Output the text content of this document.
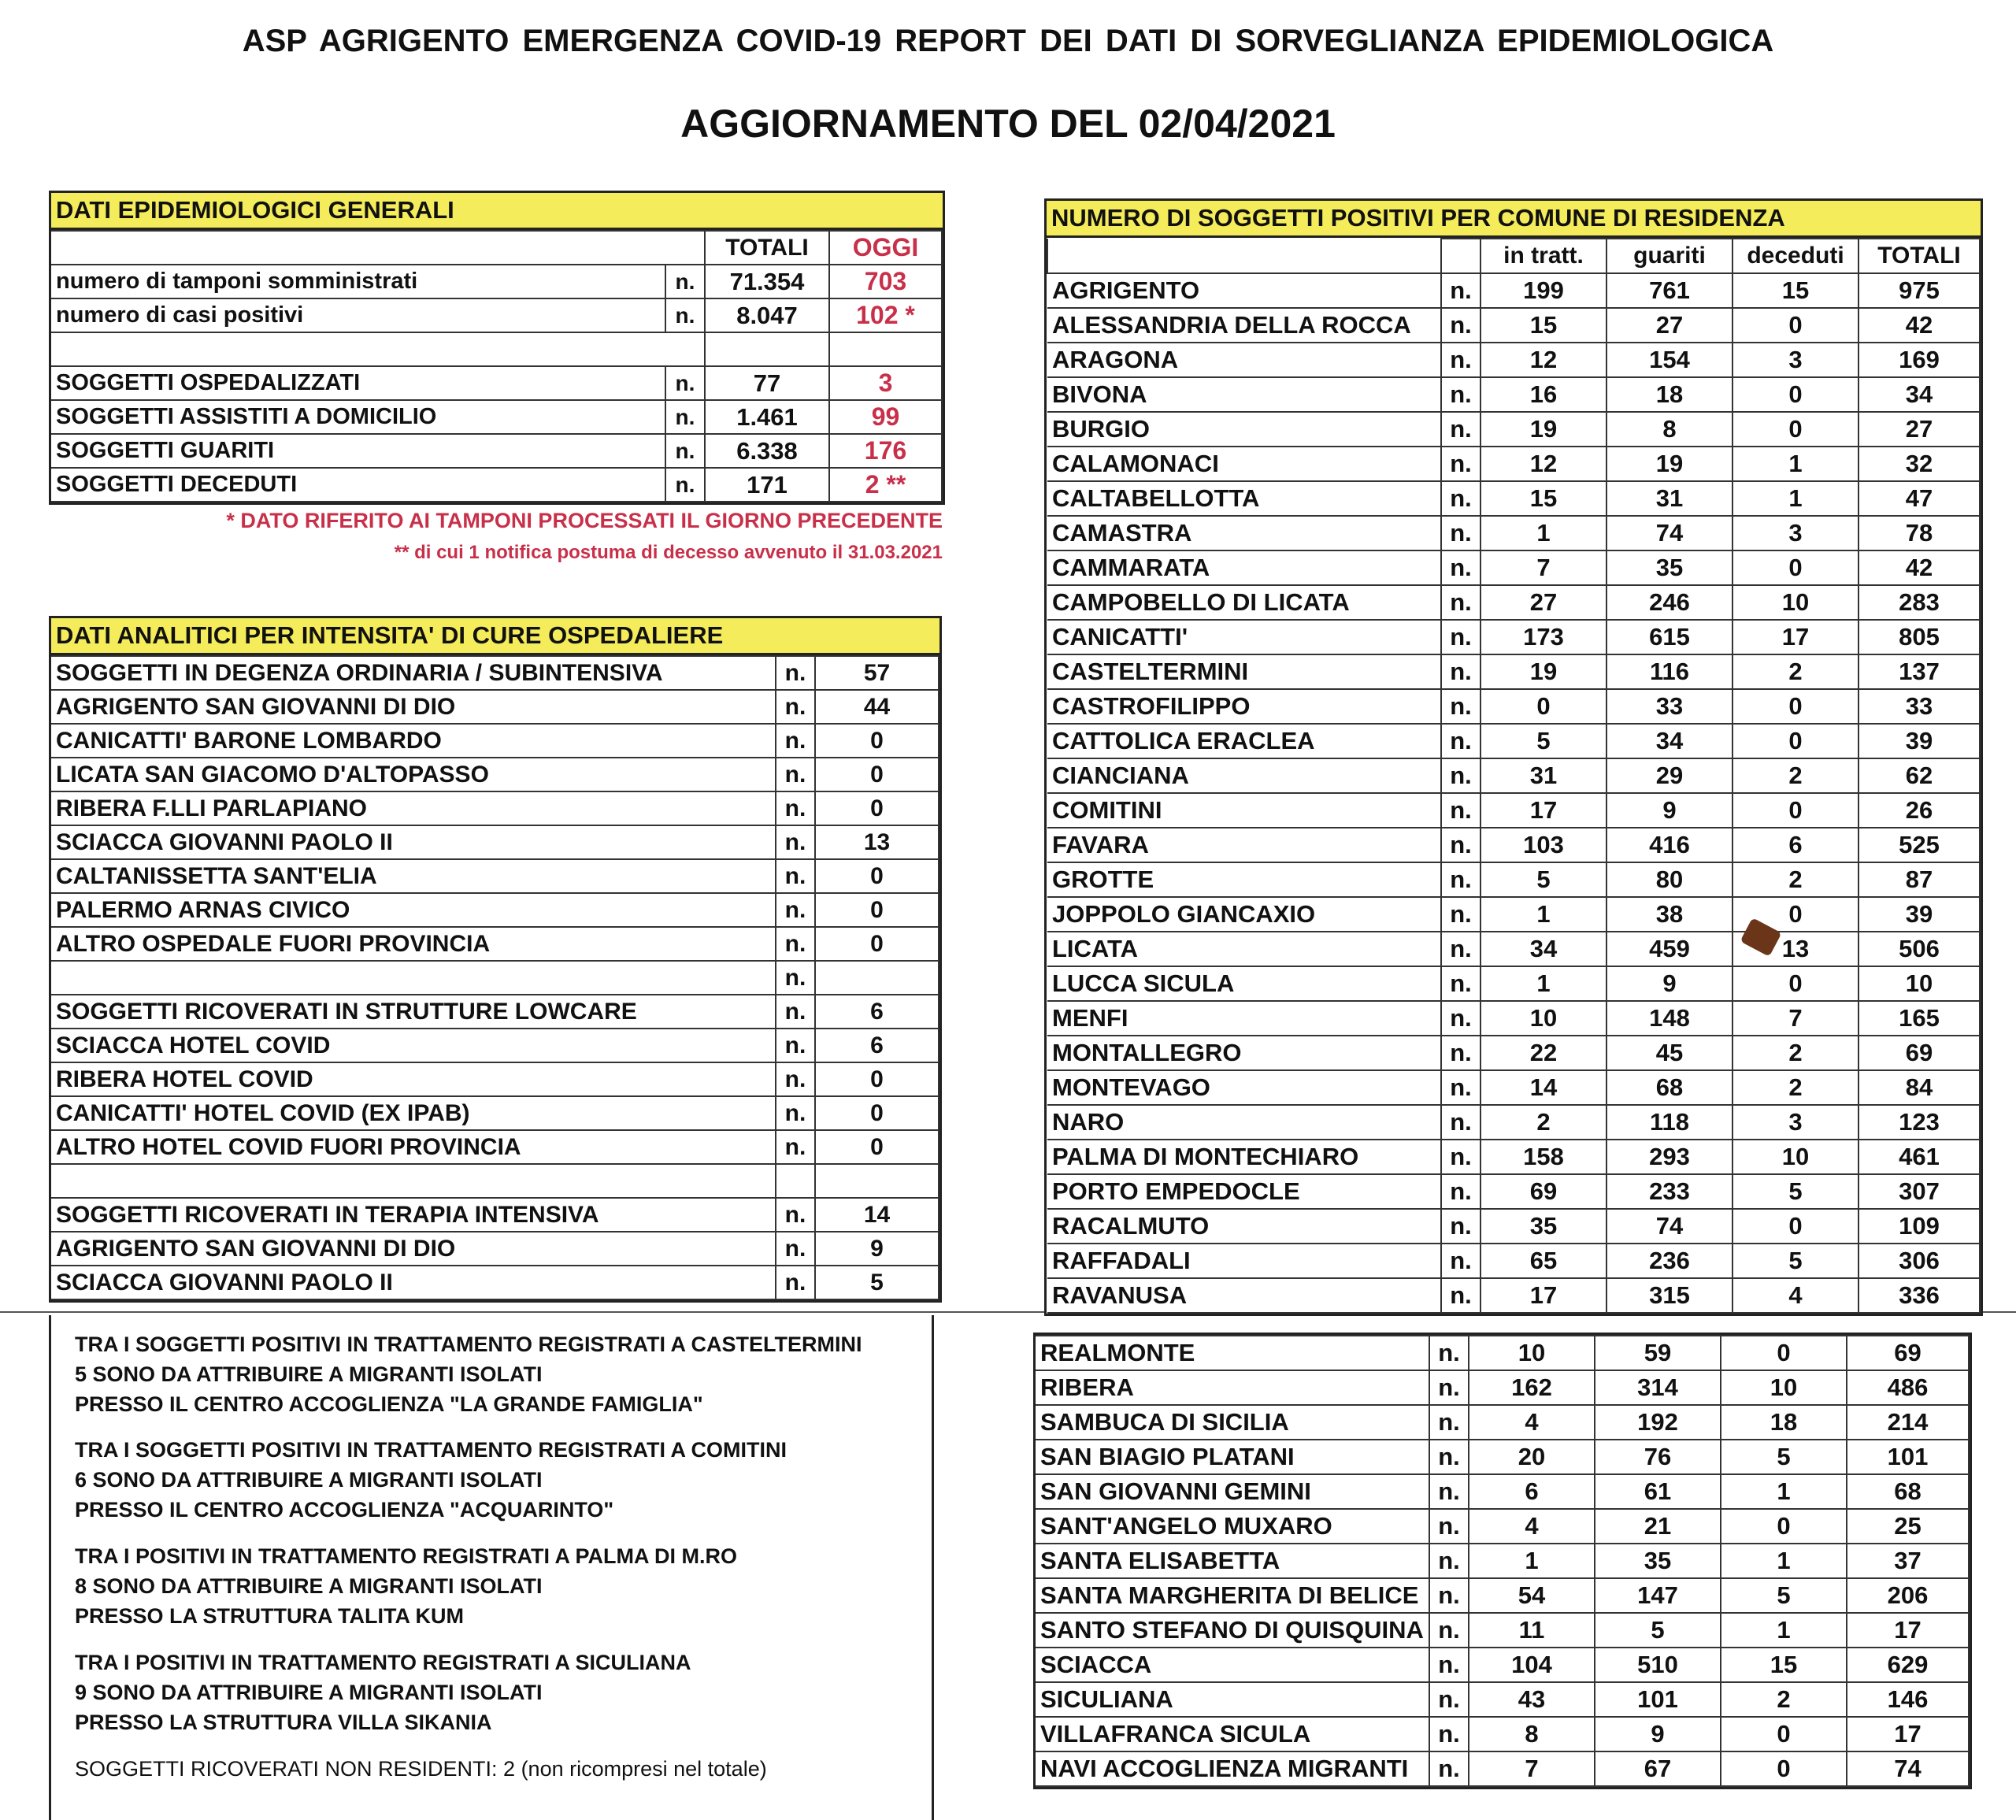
ASP AGRIGENTO EMERGENZA COVID-19 REPORT DEI DATI DI SORVEGLIANZA EPIDEMIOLOGICA
AGGIORNAMENTO DEL 02/04/2021
DATI EPIDEMIOLOGICI GENERALI
		TOTALI	OGGI
numero di tamponi somministrati	n.	71.354	703
numero di casi positivi	n.	8.047	102 *

SOGGETTI OSPEDALIZZATI	n.	77	3
SOGGETTI ASSISTITI A DOMICILIO	n.	1.461	99
SOGGETTI GUARITI	n.	6.338	176
SOGGETTI DECEDUTI	n.	171	2 **
* DATO RIFERITO AI TAMPONI PROCESSATI IL GIORNO PRECEDENTE
** di cui 1 notifica postuma di decesso avvenuto il 31.03.2021
DATI ANALITICI PER INTENSITA' DI CURE OSPEDALIERE
SOGGETTI IN DEGENZA ORDINARIA / SUBINTENSIVA	n.	57
AGRIGENTO SAN GIOVANNI DI DIO	n.	44
CANICATTI' BARONE LOMBARDO	n.	0
LICATA SAN GIACOMO D'ALTOPASSO	n.	0
RIBERA F.LLI PARLAPIANO	n.	0
SCIACCA GIOVANNI PAOLO II	n.	13
CALTANISSETTA SANT'ELIA	n.	0
PALERMO ARNAS CIVICO	n.	0
ALTRO OSPEDALE FUORI PROVINCIA	n.	0
	n.	
SOGGETTI RICOVERATI IN STRUTTURE LOWCARE	n.	6
SCIACCA HOTEL COVID	n.	6
RIBERA HOTEL COVID	n.	0
CANICATTI' HOTEL COVID (EX IPAB)	n.	0
ALTRO HOTEL COVID FUORI PROVINCIA	n.	0

SOGGETTI RICOVERATI IN TERAPIA INTENSIVA	n.	14
AGRIGENTO SAN GIOVANNI DI DIO	n.	9
SCIACCA GIOVANNI PAOLO II	n.	5
TRA I SOGGETTI POSITIVI IN TRATTAMENTO REGISTRATI A CASTELTERMINI
5 SONO DA ATTRIBUIRE A MIGRANTI ISOLATI
PRESSO IL CENTRO ACCOGLIENZA "LA GRANDE FAMIGLIA"
TRA I SOGGETTI POSITIVI IN TRATTAMENTO REGISTRATI A COMITINI
6 SONO DA ATTRIBUIRE A MIGRANTI ISOLATI
PRESSO IL CENTRO ACCOGLIENZA "ACQUARINTO"
TRA I POSITIVI IN TRATTAMENTO REGISTRATI A PALMA DI M.RO
8 SONO DA ATTRIBUIRE A MIGRANTI ISOLATI
PRESSO LA STRUTTURA TALITA KUM
TRA I POSITIVI IN TRATTAMENTO REGISTRATI A SICULIANA
9 SONO DA ATTRIBUIRE A MIGRANTI ISOLATI
PRESSO LA STRUTTURA VILLA SIKANIA
SOGGETTI RICOVERATI NON RESIDENTI: 2 (non ricompresi nel totale)
NUMERO DI SOGGETTI POSITIVI PER COMUNE DI RESIDENZA
		in tratt.	guariti	deceduti	TOTALI
AGRIGENTO	n.	199	761	15	975
ALESSANDRIA DELLA ROCCA	n.	15	27	0	42
ARAGONA	n.	12	154	3	169
BIVONA	n.	16	18	0	34
BURGIO	n.	19	8	0	27
CALAMONACI	n.	12	19	1	32
CALTABELLOTTA	n.	15	31	1	47
CAMASTRA	n.	1	74	3	78
CAMMARATA	n.	7	35	0	42
CAMPOBELLO DI LICATA	n.	27	246	10	283
CANICATTI'	n.	173	615	17	805
CASTELTERMINI	n.	19	116	2	137
CASTROFILIPPO	n.	0	33	0	33
CATTOLICA ERACLEA	n.	5	34	0	39
CIANCIANA	n.	31	29	2	62
COMITINI	n.	17	9	0	26
FAVARA	n.	103	416	6	525
GROTTE	n.	5	80	2	87
JOPPOLO GIANCAXIO	n.	1	38	0	39
LICATA	n.	34	459	13	506
LUCCA SICULA	n.	1	9	0	10
MENFI	n.	10	148	7	165
MONTALLEGRO	n.	22	45	2	69
MONTEVAGO	n.	14	68	2	84
NARO	n.	2	118	3	123
PALMA DI MONTECHIARO	n.	158	293	10	461
PORTO EMPEDOCLE	n.	69	233	5	307
RACALMUTO	n.	35	74	0	109
RAFFADALI	n.	65	236	5	306
RAVANUSA	n.	17	315	4	336
REALMONTE	n.	10	59	0	69
RIBERA	n.	162	314	10	486
SAMBUCA DI SICILIA	n.	4	192	18	214
SAN BIAGIO PLATANI	n.	20	76	5	101
SAN GIOVANNI GEMINI	n.	6	61	1	68
SANT'ANGELO MUXARO	n.	4	21	0	25
SANTA ELISABETTA	n.	1	35	1	37
SANTA MARGHERITA DI BELICE	n.	54	147	5	206
SANTO STEFANO DI QUISQUINA	n.	11	5	1	17
SCIACCA	n.	104	510	15	629
SICULIANA	n.	43	101	2	146
VILLAFRANCA SICULA	n.	8	9	0	17
NAVI ACCOGLIENZA MIGRANTI	n.	7	67	0	74
